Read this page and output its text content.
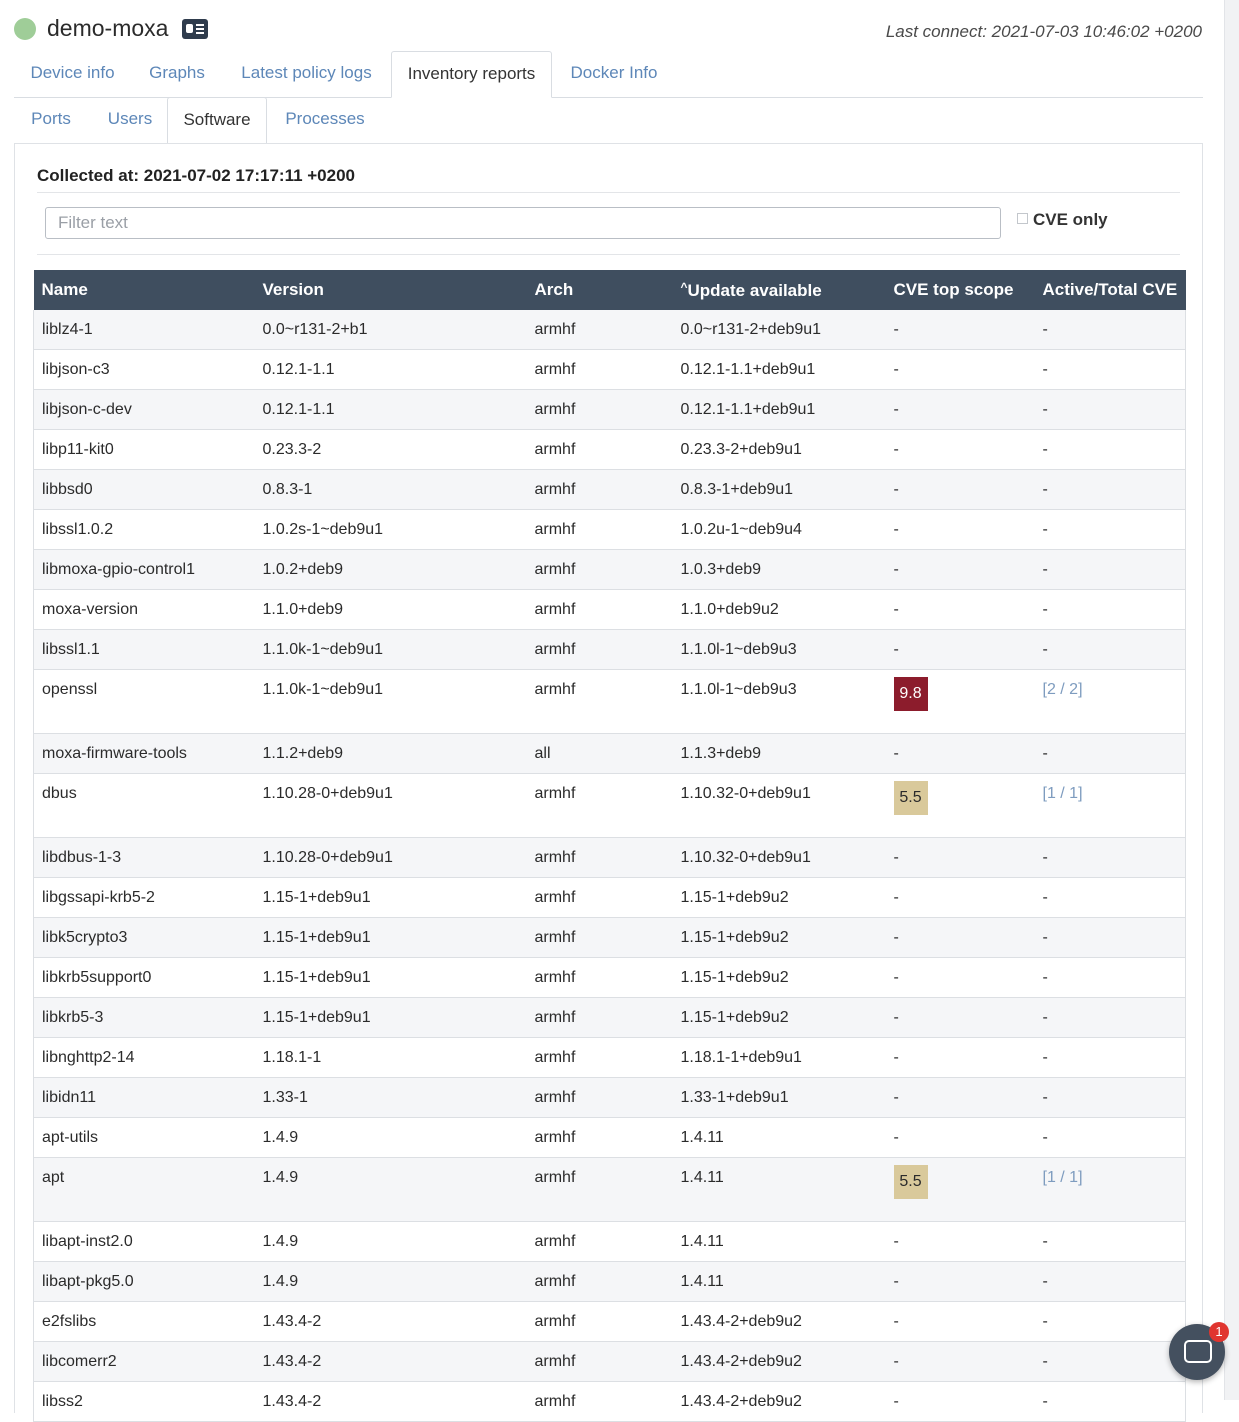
demo-moxa	Last connect: 2021-07-03 10:46:02 +0200
Device info	Graphs	Latest policy logs	Inventory reports	Docker Info
Ports	Users	Software	Processes
Collected at: 2021-07-02 17:17:11 +0200
Filter text
CVE only
Name	Version	Arch	^Update available	CVE top scope	Active/Total CVE
liblz4-1	0.0~r131-2+b1	armhf	0.0~r131-2+deb9u1	-	-
libjson-c3	0.12.1-1.1	armhf	0.12.1-1.1+deb9u1	-	-
libjson-c-dev	0.12.1-1.1	armhf	0.12.1-1.1+deb9u1	-	-
libp11-kit0	0.23.3-2	armhf	0.23.3-2+deb9u1	-	-
libbsd0	0.8.3-1	armhf	0.8.3-1+deb9u1	-	-
libssl1.0.2	1.0.2s-1~deb9u1	armhf	1.0.2u-1~deb9u4	-	-
libmoxa-gpio-control1	1.0.2+deb9	armhf	1.0.3+deb9	-	-
moxa-version	1.1.0+deb9	armhf	1.1.0+deb9u2	-	-
libssl1.1	1.1.0k-1~deb9u1	armhf	1.1.0l-1~deb9u3	-	-
openssl	1.1.0k-1~deb9u1	armhf	1.1.0l-1~deb9u3	9.8	[2 / 2]
moxa-firmware-tools	1.1.2+deb9	all	1.1.3+deb9	-	-
dbus	1.10.28-0+deb9u1	armhf	1.10.32-0+deb9u1	5.5	[1 / 1]
libdbus-1-3	1.10.28-0+deb9u1	armhf	1.10.32-0+deb9u1	-	-
libgssapi-krb5-2	1.15-1+deb9u1	armhf	1.15-1+deb9u2	-	-
libk5crypto3	1.15-1+deb9u1	armhf	1.15-1+deb9u2	-	-
libkrb5support0	1.15-1+deb9u1	armhf	1.15-1+deb9u2	-	-
libkrb5-3	1.15-1+deb9u1	armhf	1.15-1+deb9u2	-	-
libnghttp2-14	1.18.1-1	armhf	1.18.1-1+deb9u1	-	-
libidn11	1.33-1	armhf	1.33-1+deb9u1	-	-
apt-utils	1.4.9	armhf	1.4.11	-	-
apt	1.4.9	armhf	1.4.11	5.5	[1 / 1]
libapt-inst2.0	1.4.9	armhf	1.4.11	-	-
libapt-pkg5.0	1.4.9	armhf	1.4.11	-	-
e2fslibs	1.43.4-2	armhf	1.43.4-2+deb9u2	-	-
libcomerr2	1.43.4-2	armhf	1.43.4-2+deb9u2	-	-
libss2	1.43.4-2	armhf	1.43.4-2+deb9u2	-	-
1
